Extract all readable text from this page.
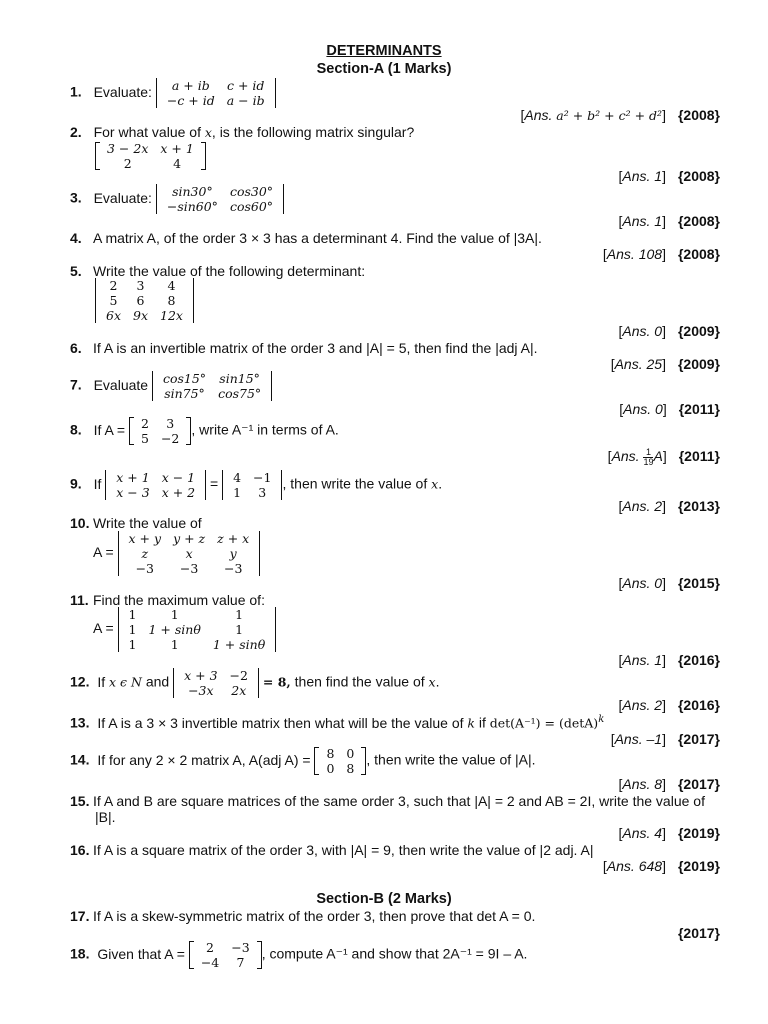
DETERMINANTS
Section-A (1 Marks)
1. Evaluate: a + ib	c + id
−c + id	a − ib
[Ans. a² + b² + c² + d²] {2008}
2. For what value of x, is the following matrix singular?
3 − 2x	x + 1
2	4
[Ans. 1] {2008}
3. Evaluate: sin30°	cos30°
−sin60°	cos60°
[Ans. 1] {2008}
4. A matrix A, of the order 3 × 3 has a determinant 4. Find the value of |3A|.
[Ans. 108] {2008}
5. Write the value of the following determinant:
2	3	4
5	6	8
6x	9x	12x
[Ans. 0] {2009}
6. If A is an invertible matrix of the order 3 and |A| = 5, then find the |adj A|.
[Ans. 25] {2009}
7. Evaluate cos15°	sin15°
sin75°	cos75°
[Ans. 0] {2011}
8. If A = 2	3
5	−2
, write A⁻¹ in terms of A.
[Ans. $\frac{1}{19} A$] {2011}
9. If x + 1	x − 1
x − 3	x + 2
= 4	−1
1	3
, then write the value of x.
[Ans. 2] {2013}
10. Write the value of
A =
x + y	y + z	z + x
z	x	y
−3	−3	−3
[Ans. 0] {2015}
11. Find the maximum value of:
A =
1	1	1
1	1 + sinθ	1
1	1	1 + sinθ
[Ans. 1] {2016}
12. If x ϵ N and x + 3	−2
−3x	2x
= 8, then find the value of x.
[Ans. 2] {2016}
13. If A is a 3 × 3 invertible matrix then what will be the value of k if $\det(A^{-1}) = (\det A)^k$
[Ans. –1] {2017}
14. If for any 2 × 2 matrix A, A(adj A) = 8	0
0	8
, then write the value of |A|.
[Ans. 8] {2017}
15. If A and B are square matrices of the same order 3, such that |A| = 2 and AB = 2I, write the value of
|B|.
[Ans. 4] {2019}
16. If A is a square matrix of the order 3, with |A| = 9, then write the value of |2 adj. A|
[Ans. 648] {2019}
Section-B (2 Marks)
17. If A is a skew-symmetric matrix of the order 3, then prove that det A = 0.
{2017}
18. Given that A = 2	−3
−4	7
, compute A⁻¹ and show that 2A⁻¹ = 9I – A.
